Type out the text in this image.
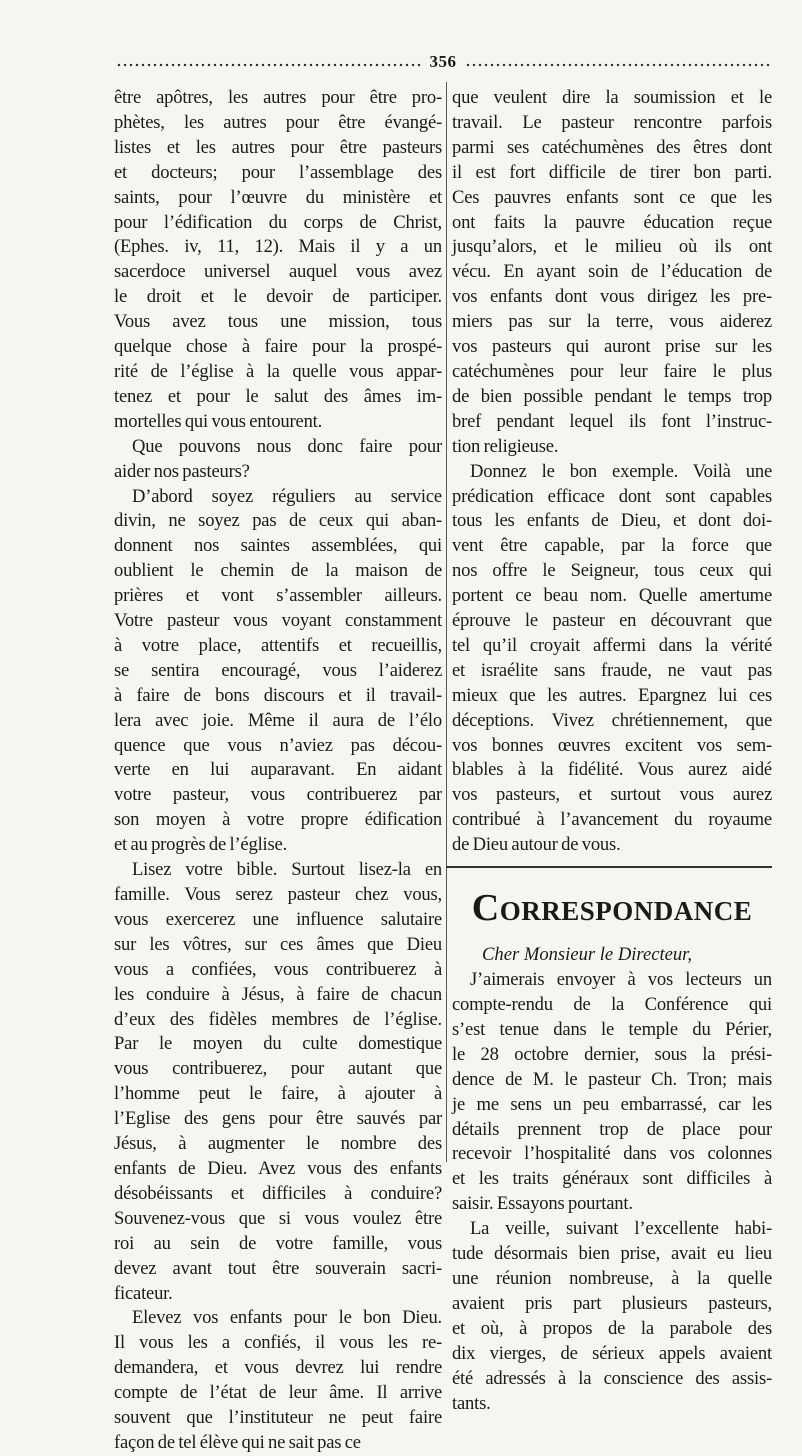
356

être apôtres, les autres pour être pro-
phètes, les autres pour être évangé-
listes et les autres pour être pasteurs
et docteurs; pour l’assemblage des
saints, pour l’œuvre du ministère et
pour l’édification du corps de Christ,
(Ephes. iv, 11, 12). Mais il y a un
sacerdoce universel auquel vous avez
le droit et le devoir de participer.
Vous avez tous une mission, tous
quelque chose à faire pour la prospé-
rité de l’église à la quelle vous appar-
tenez et pour le salut des âmes im-
mortelles qui vous entourent.

Que pouvons nous donc faire pour
aider nos pasteurs?

D’abord soyez réguliers au service
divin, ne soyez pas de ceux qui aban-
donnent nos saintes assemblées, qui
oublient le chemin de la maison de
prières et vont s’assembler ailleurs.
Votre pasteur vous voyant constamment
à votre place, attentifs et recueillis,
se sentira encouragé, vous l’aiderez
à faire de bons discours et il travail-
lera avec joie. Même il aura de l’élo
quence que vous n’aviez pas décou-
verte en lui auparavant. En aidant
votre pasteur, vous contribuerez par
son moyen à votre propre édification
et au progrès de l’église.

Lisez votre bible. Surtout lisez-la en
famille. Vous serez pasteur chez vous,
vous exercerez une influence salutaire
sur les vôtres, sur ces âmes que Dieu
vous a confiées, vous contribuerez à
les conduire à Jésus, à faire de chacun
d’eux des fidèles membres de l’église.
Par le moyen du culte domestique
vous contribuerez, pour autant que
l’homme peut le faire, à ajouter à
l’Eglise des gens pour être sauvés par
Jésus, à augmenter le nombre des
enfants de Dieu. Avez vous des enfants
désobéissants et difficiles à conduire?
Souvenez-vous que si vous voulez être
roi au sein de votre famille, vous
devez avant tout être souverain sacri-
ficateur.

Elevez vos enfants pour le bon Dieu.
Il vous les a confiés, il vous les re-
demandera, et vous devrez lui rendre
compte de l’état de leur âme. Il arrive
souvent que l’instituteur ne peut faire
façon de tel élève qui ne sait pas ce

que veulent dire la soumission et le
travail. Le pasteur rencontre parfois
parmi ses catéchumènes des êtres dont
il est fort difficile de tirer bon parti.
Ces pauvres enfants sont ce que les
ont faits la pauvre éducation reçue
jusqu’alors, et le milieu où ils ont
vécu. En ayant soin de l’éducation de
vos enfants dont vous dirigez les pre-
miers pas sur la terre, vous aiderez
vos pasteurs qui auront prise sur les
catéchumènes pour leur faire le plus
de bien possible pendant le temps trop
bref pendant lequel ils font l’instruc-
tion religieuse.

Donnez le bon exemple. Voilà une
prédication efficace dont sont capables
tous les enfants de Dieu, et dont doi-
vent être capable, par la force que
nos offre le Seigneur, tous ceux qui
portent ce beau nom. Quelle amertume
éprouve le pasteur en découvrant que
tel qu’il croyait affermi dans la vérité
et israélite sans fraude, ne vaut pas
mieux que les autres. Epargnez lui ces
déceptions. Vivez chrétiennement, que
vos bonnes œuvres excitent vos sem-
blables à la fidélité. Vous aurez aidé
vos pasteurs, et surtout vous aurez
contribué à l’avancement du royaume
de Dieu autour de vous.

Correspondance
Cher Monsieur le Directeur,

J’aimerais envoyer à vos lecteurs un
compte-rendu de la Conférence qui
s’est tenue dans le temple du Périer,
le 28 octobre dernier, sous la prési-
dence de M. le pasteur Ch. Tron; mais
je me sens un peu embarrassé, car les
détails prennent trop de place pour
recevoir l’hospitalité dans vos colonnes
et les traits généraux sont difficiles à
saisir. Essayons pourtant.

La veille, suivant l’excellente habi-
tude désormais bien prise, avait eu lieu
une réunion nombreuse, à la quelle
avaient pris part plusieurs pasteurs,
et où, à propos de la parabole des
dix vierges, de sérieux appels avaient
été adressés à la conscience des assis-
tants.
